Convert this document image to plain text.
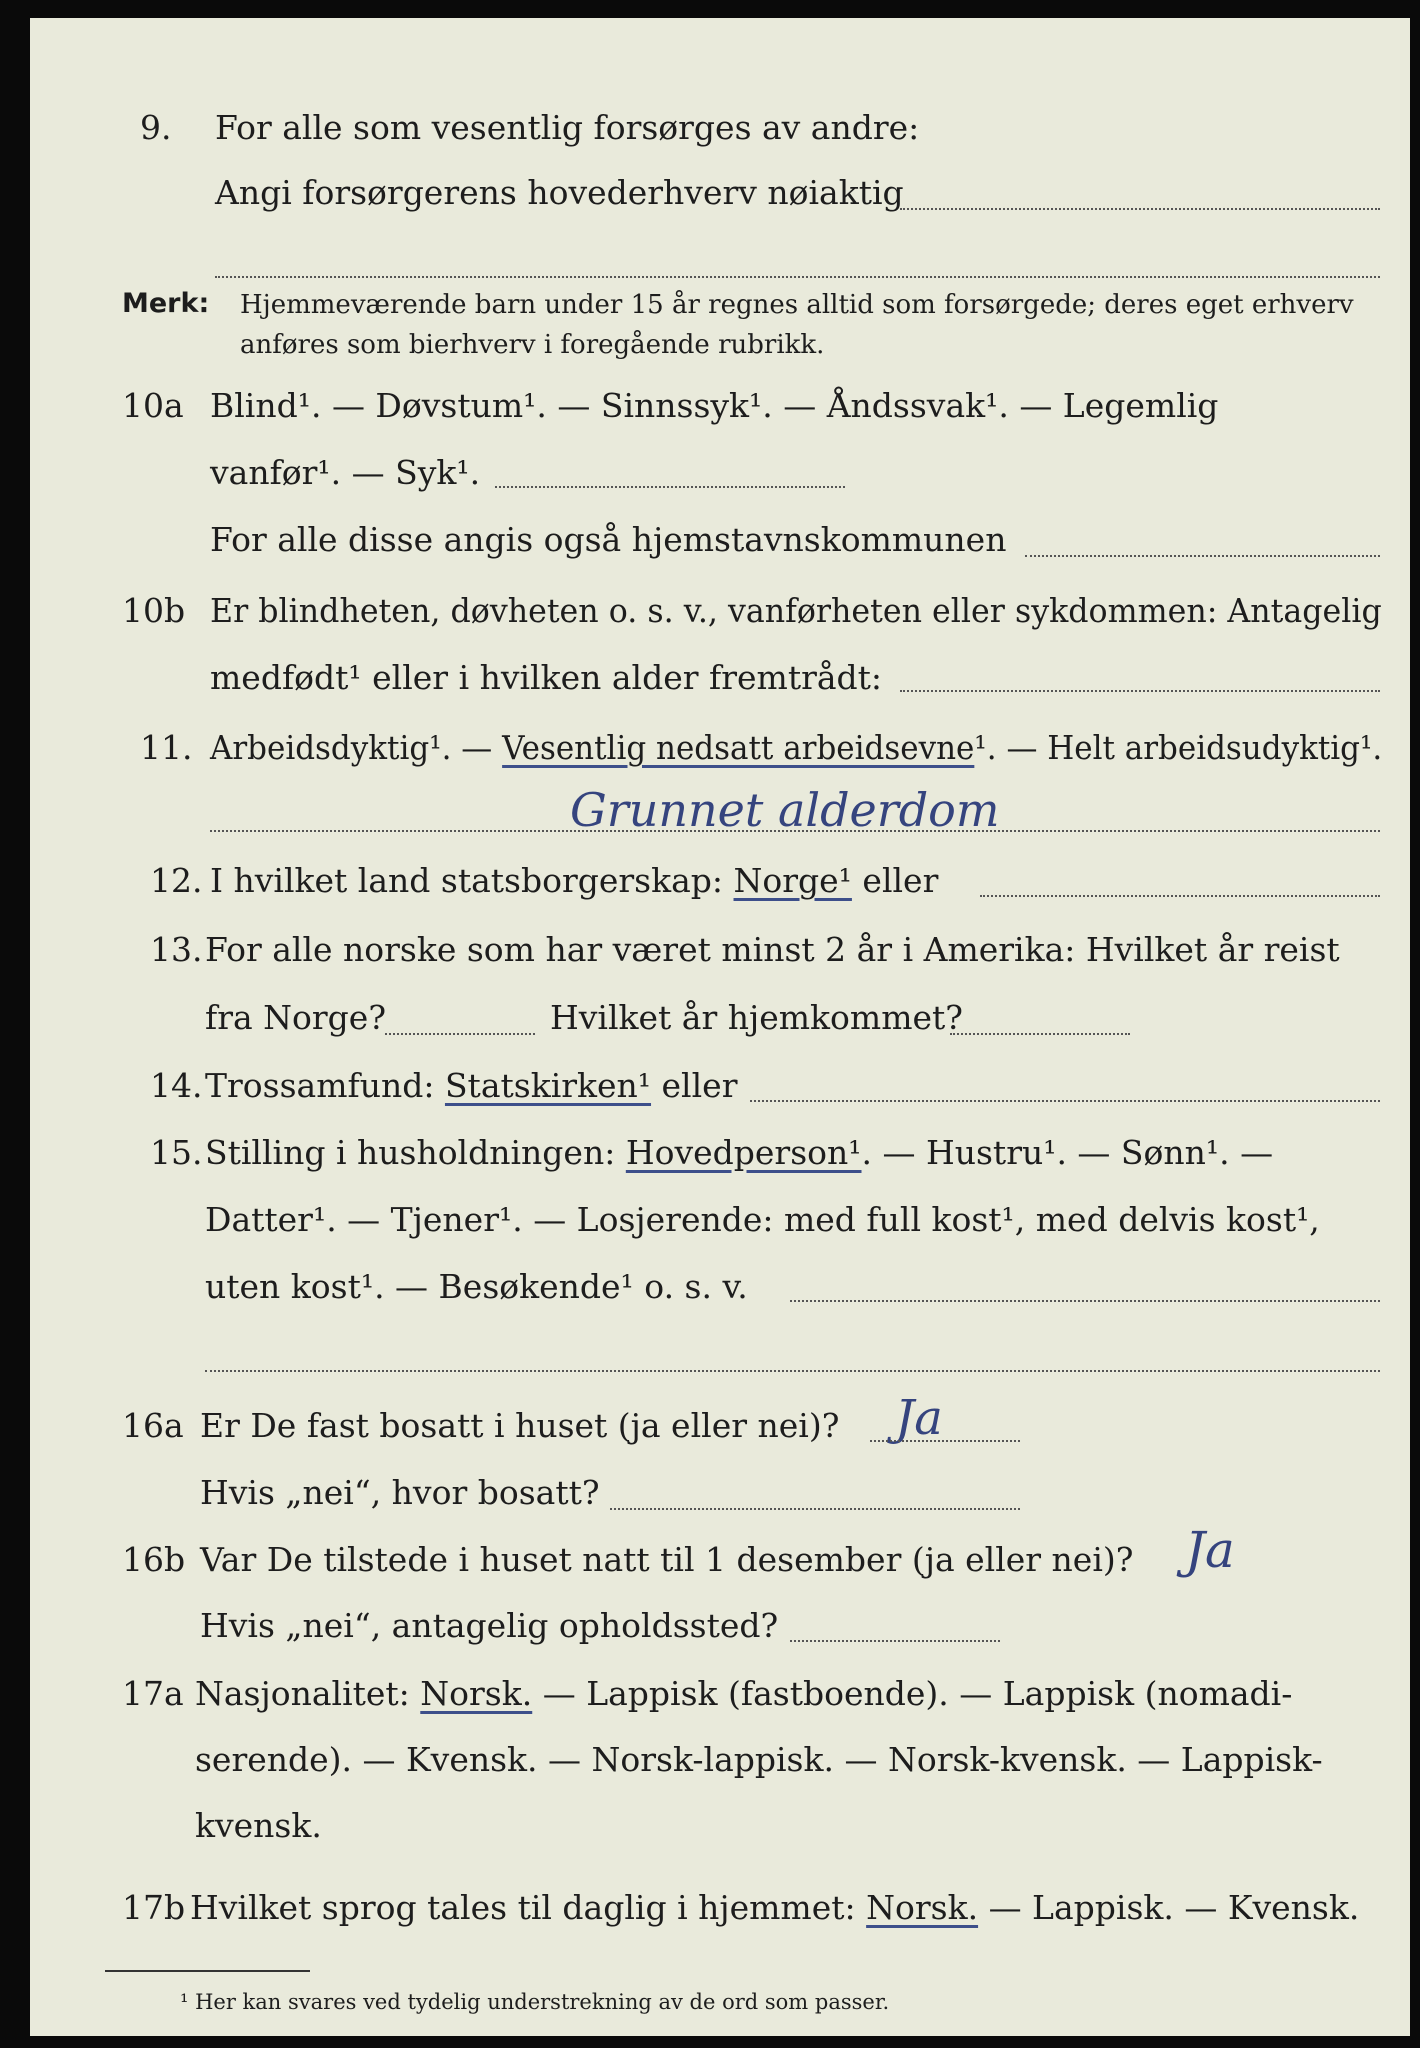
9. For alle som vesentlig forsørges av andre:
Angi forsørgerens hovederhverv nøiaktig
Merk: Hjemmeværende barn under 15 år regnes alltid som forsørgede; deres eget erhverv
anføres som bierhverv i foregående rubrikk.
10a Blind¹. — Døvstum¹. — Sinnssyk¹. — Åndssvak¹. — Legemlig
vanfør¹. — Syk¹.
For alle disse angis også hjemstavnskommunen
10b Er blindheten, døvheten o. s. v., vanførheten eller sykdommen: Antagelig
medfødt¹ eller i hvilken alder fremtrådt:
11. Arbeidsdyktig¹. — Vesentlig nedsatt arbeidsevne¹. — Helt arbeidsudyktig¹.
Grunnet alderdom
12. I hvilket land statsborgerskap: Norge¹ eller
13. For alle norske som har været minst 2 år i Amerika: Hvilket år reist
fra Norge?	Hvilket år hjemkommet?
14. Trossamfund: Statskirken¹ eller
15. Stilling i husholdningen: Hovedperson¹. — Hustru¹. — Sønn¹. —
Datter¹. — Tjener¹. — Losjerende: med full kost¹, med delvis kost¹,
uten kost¹. — Besøkende¹ o. s. v.
16a Er De fast bosatt i huset (ja eller nei)? Ja
Hvis „nei“, hvor bosatt?
16b Var De tilstede i huset natt til 1 desember (ja eller nei)? Ja
Hvis „nei“, antagelig opholdssted?
17a Nasjonalitet: Norsk. — Lappisk (fastboende). — Lappisk (nomadi-
serende). — Kvensk. — Norsk-lappisk. — Norsk-kvensk. — Lappisk-
kvensk.
17b Hvilket sprog tales til daglig i hjemmet: Norsk. — Lappisk. — Kvensk.
¹ Her kan svares ved tydelig understrekning av de ord som passer.
